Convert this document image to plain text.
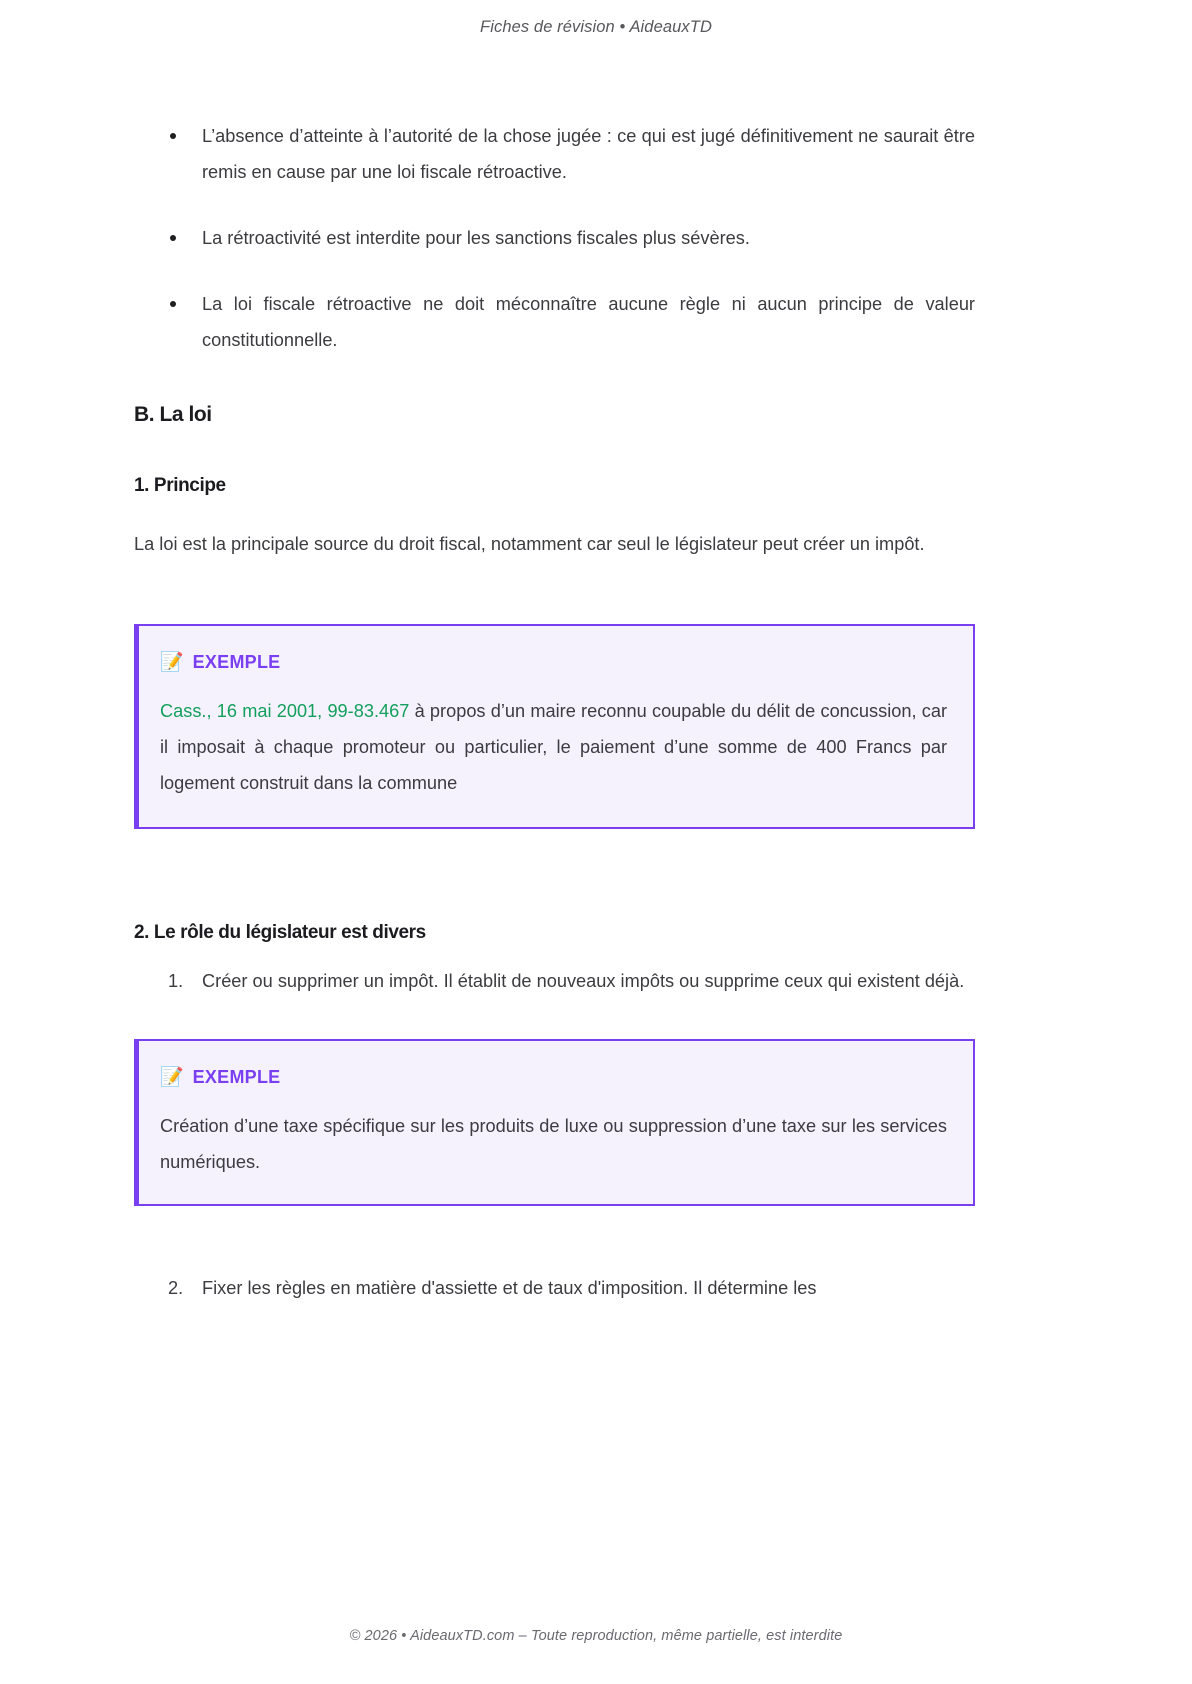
Fiches de révision • AideauxTD
L’absence d’atteinte à l’autorité de la chose jugée : ce qui est jugé définitivement ne saurait être remis en cause par une loi fiscale rétroactive.
La rétroactivité est interdite pour les sanctions fiscales plus sévères.
La loi fiscale rétroactive ne doit méconnaître aucune règle ni aucun principe de valeur constitutionnelle.
B. La loi
1. Principe

La loi est la principale source du droit fiscal, notamment car seul le législateur peut créer un impôt.

📝 EXEMPLE
Cass., 16 mai 2001, 99-83.467 à propos d’un maire reconnu coupable du délit de concussion, car il imposait à chaque promoteur ou particulier, le paiement d’une somme de 400 Francs par logement construit dans la commune
2. Le rôle du législateur est divers
1. Créer ou supprimer un impôt. Il établit de nouveaux impôts ou supprime ceux qui existent déjà.
📝 EXEMPLE
Création d’une taxe spécifique sur les produits de luxe ou suppression d’une taxe sur les services numériques.
2. Fixer les règles en matière d'assiette et de taux d'imposition. Il détermine les
© 2026 • AideauxTD.com – Toute reproduction, même partielle, est interdite
